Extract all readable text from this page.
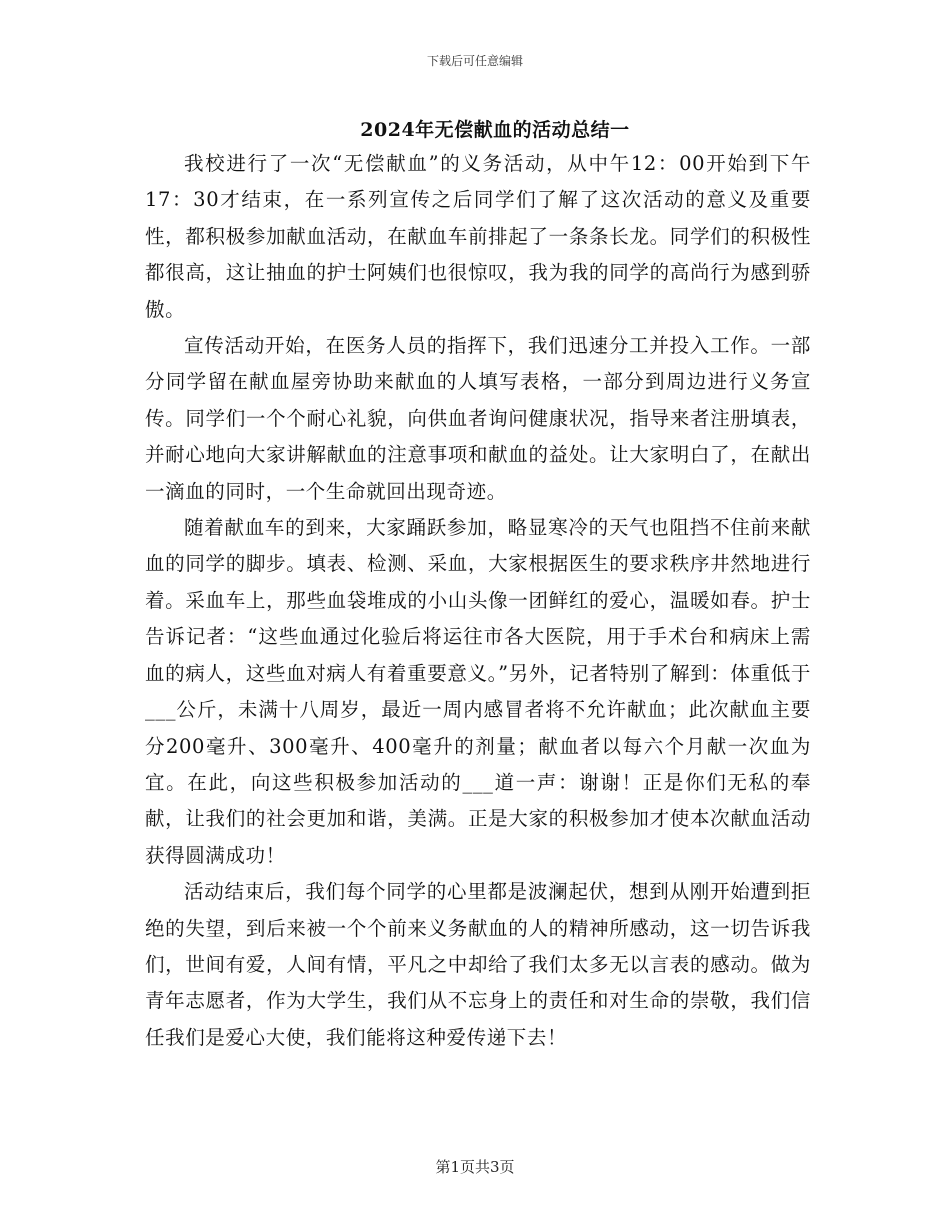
下载后可任意编辑
2024年无偿献血的活动总结一

我校进行了一次“无偿献血”的义务活动，从中午12：00开始到下午17：30才结束，在一系列宣传之后同学们了解了这次活动的意义及重要性，都积极参加献血活动，在献血车前排起了一条条长龙。同学们的积极性都很高，这让抽血的护士阿姨们也很惊叹，我为我的同学的高尚行为感到骄傲。

宣传活动开始，在医务人员的指挥下，我们迅速分工并投入工作。一部分同学留在献血屋旁协助来献血的人填写表格，一部分到周边进行义务宣传。同学们一个个耐心礼貌，向供血者询问健康状况，指导来者注册填表，并耐心地向大家讲解献血的注意事项和献血的益处。让大家明白了，在献出一滴血的同时，一个生命就回出现奇迹。

随着献血车的到来，大家踊跃参加，略显寒冷的天气也阻挡不住前来献血的同学的脚步。填表、检测、采血，大家根据医生的要求秩序井然地进行着。采血车上，那些血袋堆成的小山头像一团鲜红的爱心，温暖如春。护士告诉记者：“这些血通过化验后将运往市各大医院，用于手术台和病床上需血的病人，这些血对病人有着重要意义。”另外，记者特别了解到：体重低于___公斤，未满十八周岁，最近一周内感冒者将不允许献血；此次献血主要分200毫升、300毫升、400毫升的剂量；献血者以每六个月献一次血为宜。在此，向这些积极参加活动的___道一声：谢谢！正是你们无私的奉献，让我们的社会更加和谐，美满。正是大家的积极参加才使本次献血活动获得圆满成功！

活动结束后，我们每个同学的心里都是波澜起伏，想到从刚开始遭到拒绝的失望，到后来被一个个前来义务献血的人的精神所感动，这一切告诉我们，世间有爱，人间有情，平凡之中却给了我们太多无以言表的感动。做为青年志愿者，作为大学生，我们从不忘身上的责任和对生命的崇敬，我们信任我们是爱心大使，我们能将这种爱传递下去！

第1页共3页
